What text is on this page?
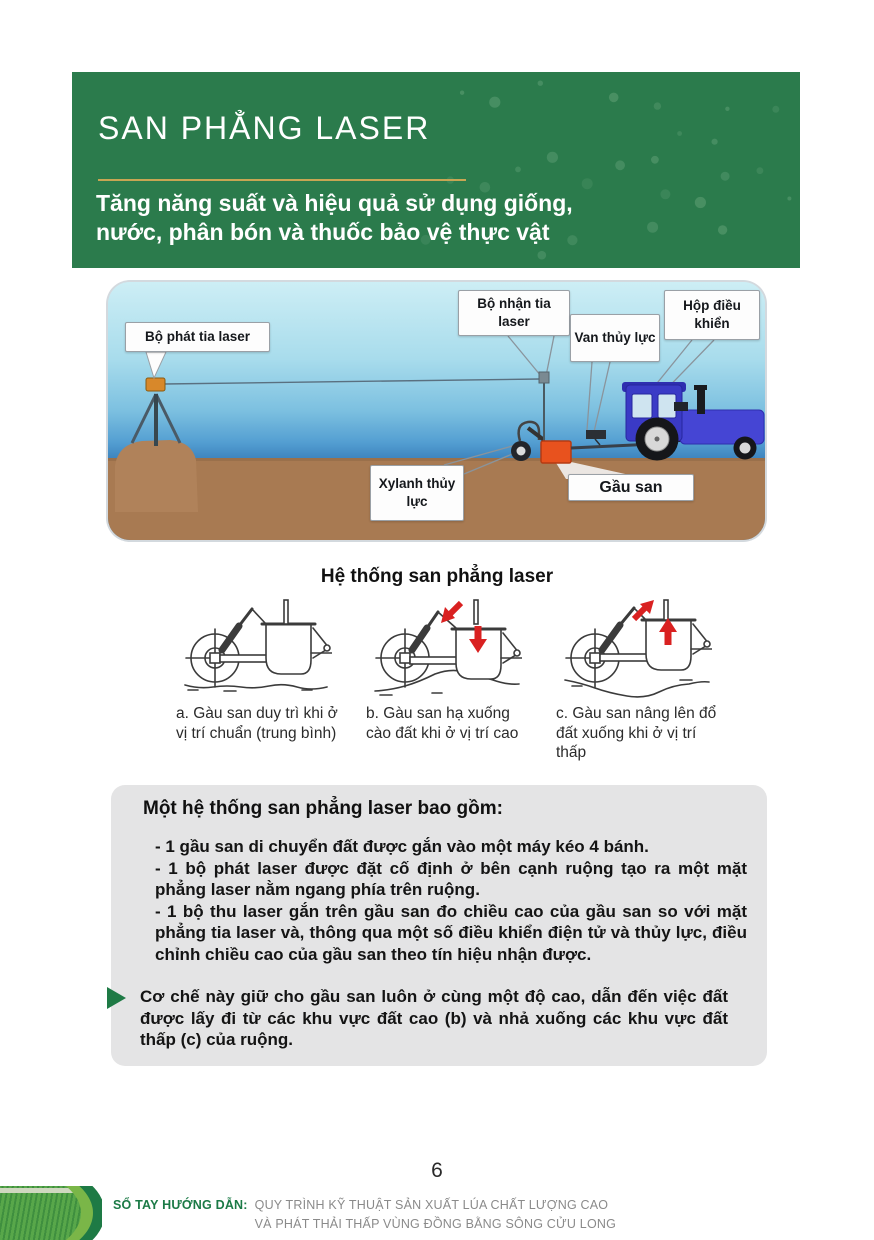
SAN PHẲNG LASER

Tăng năng suất và hiệu quả sử dụng giống,
nước, phân bón và thuốc bảo vệ thực vật

Bộ phát tia laser
Bộ nhận tia laser
Van thủy lực
Hộp điều khiển
Xylanh thủy lực
Gầu san
Hệ thống san phẳng laser
a. Gàu san duy trì khi ở vị trí chuẩn (trung bình)
b. Gàu san hạ xuống cào đất khi ở vị trí cao
c. Gàu san nâng lên đổ đất xuống khi ở vị trí thấp
Một hệ thống san phẳng laser bao gồm:

- 1 gầu san di chuyển đất được gắn vào một máy kéo 4 bánh.

- 1 bộ phát laser được đặt cố định ở bên cạnh ruộng tạo ra một mặt phẳng laser nằm ngang phía trên ruộng.

- 1 bộ thu laser gắn trên gầu san đo chiều cao của gầu san so với mặt phẳng tia laser và, thông qua một số điều khiển điện tử và thủy lực, điều chỉnh chiều cao của gầu san theo tín hiệu nhận được.

Cơ chế này giữ cho gầu san luôn ở cùng một độ cao, dẫn đến việc đất được lấy đi từ các khu vực đất cao (b) và nhả xuống các khu vực đất thấp (c) của ruộng.

6
SỔ TAY HƯỚNG DẪN: QUY TRÌNH KỸ THUẬT SẢN XUẤT LÚA CHẤT LƯỢNG CAO
VÀ PHÁT THẢI THẤP VÙNG ĐỒNG BẰNG SÔNG CỬU LONG
